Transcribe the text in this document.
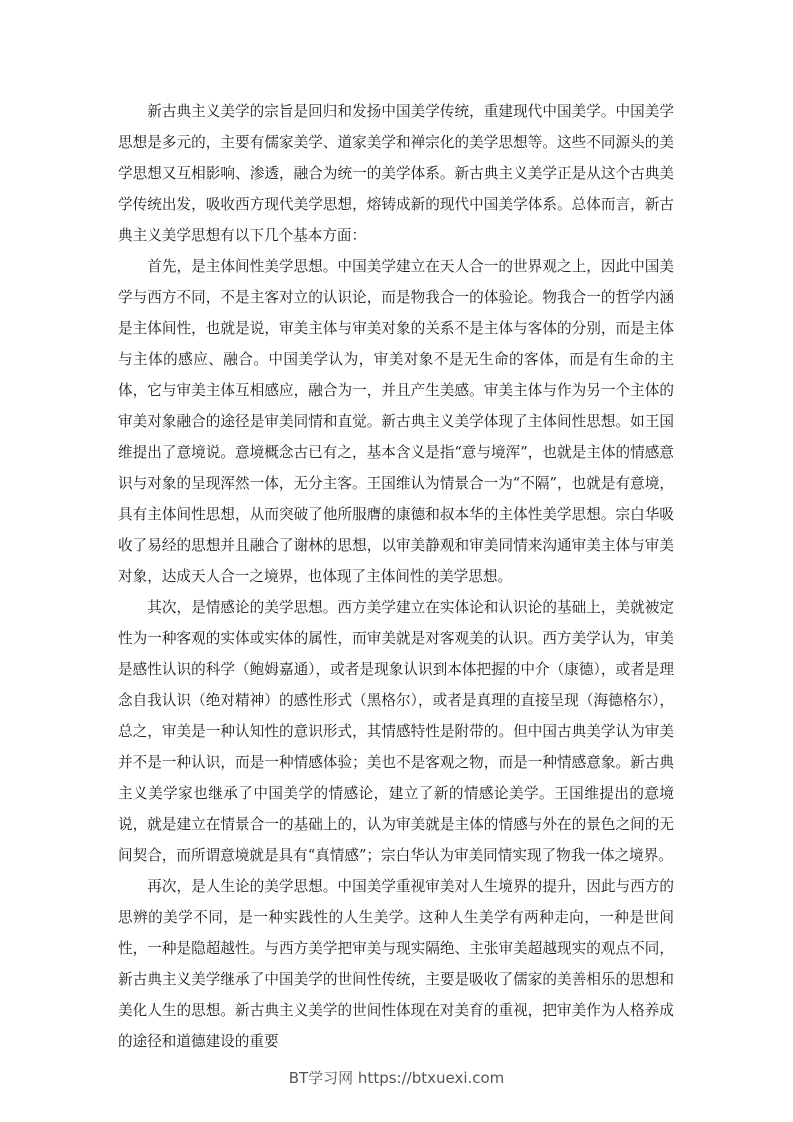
新古典主义美学的宗旨是回归和发扬中国美学传统，重建现代中国美学。中国美学思想是多元的，主要有儒家美学、道家美学和禅宗化的美学思想等。这些不同源头的美学思想又互相影响、渗透，融合为统一的美学体系。新古典主义美学正是从这个古典美学传统出发，吸收西方现代美学思想，熔铸成新的现代中国美学体系。总体而言，新古典主义美学思想有以下几个基本方面：

首先，是主体间性美学思想。中国美学建立在天人合一的世界观之上，因此中国美学与西方不同，不是主客对立的认识论，而是物我合一的体验论。物我合一的哲学内涵是主体间性，也就是说，审美主体与审美对象的关系不是主体与客体的分别，而是主体与主体的感应、融合。中国美学认为，审美对象不是无生命的客体，而是有生命的主体，它与审美主体互相感应，融合为一，并且产生美感。审美主体与作为另一个主体的审美对象融合的途径是审美同情和直觉。新古典主义美学体现了主体间性思想。如王国维提出了意境说。意境概念古已有之，基本含义是指“意与境浑”，也就是主体的情感意识与对象的呈现浑然一体，无分主客。王国维认为情景合一为“不隔”，也就是有意境，具有主体间性思想，从而突破了他所服膺的康德和叔本华的主体性美学思想。宗白华吸收了易经的思想并且融合了谢林的思想，以审美静观和审美同情来沟通审美主体与审美对象，达成天人合一之境界，也体现了主体间性的美学思想。

其次，是情感论的美学思想。西方美学建立在实体论和认识论的基础上，美就被定性为一种客观的实体或实体的属性，而审美就是对客观美的认识。西方美学认为，审美是感性认识的科学（鲍姆嘉通），或者是现象认识到本体把握的中介（康德），或者是理念自我认识（绝对精神）的感性形式（黑格尔），或者是真理的直接呈现（海德格尔），总之，审美是一种认知性的意识形式，其情感特性是附带的。但中国古典美学认为审美并不是一种认识，而是一种情感体验；美也不是客观之物，而是一种情感意象。新古典主义美学家也继承了中国美学的情感论，建立了新的情感论美学。王国维提出的意境说，就是建立在情景合一的基础上的，认为审美就是主体的情感与外在的景色之间的无间契合，而所谓意境就是具有“真情感”；宗白华认为审美同情实现了物我一体之境界。

再次，是人生论的美学思想。中国美学重视审美对人生境界的提升，因此与西方的思辨的美学不同，是一种实践性的人生美学。这种人生美学有两种走向，一种是世间性，一种是隐超越性。与西方美学把审美与现实隔绝、主张审美超越现实的观点不同，新古典主义美学继承了中国美学的世间性传统，主要是吸收了儒家的美善相乐的思想和美化人生的思想。新古典主义美学的世间性体现在对美育的重视，把审美作为人格养成的途径和道德建设的重要

BT学习网 https://btxuexi.com
